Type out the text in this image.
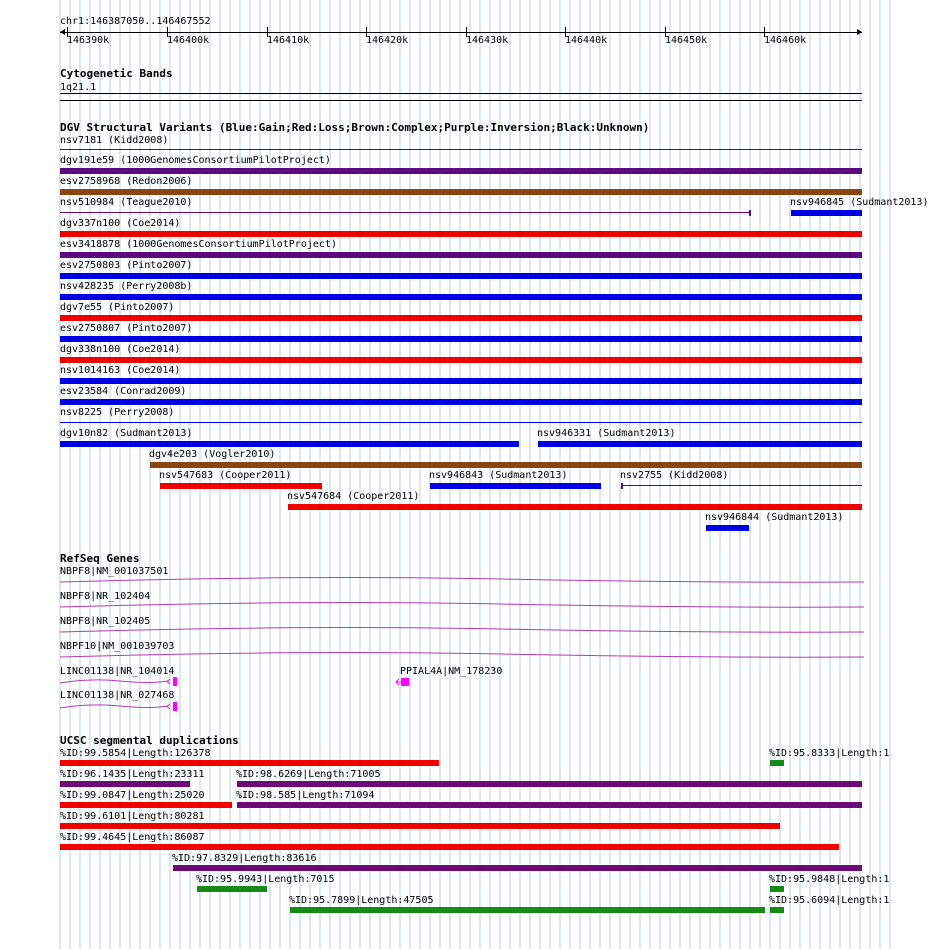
chr1:146387050..146467552
146390k	146400k	146410k	146420k	146430k	146440k	146450k	146460k
Cytogenetic Bands
1q21.1
DGV Structural Variants (Blue:Gain;Red:Loss;Brown:Complex;Purple:Inversion;Black:Unknown)
nsv7181 (Kidd2008)
dgv191e59 (1000GenomesConsortiumPilotProject)
esv2758968 (Redon2006)
nsv510984 (Teague2010)	nsv946845 (Sudmant2013)
dgv337n100 (Coe2014)
esv3418878 (1000GenomesConsortiumPilotProject)
esv2750803 (Pinto2007)
nsv428235 (Perry2008b)
dgv7e55 (Pinto2007)
esv2750807 (Pinto2007)
dgv338n100 (Coe2014)
nsv1014163 (Coe2014)
esv23584 (Conrad2009)
nsv8225 (Perry2008)
dgv10n82 (Sudmant2013)	nsv946331 (Sudmant2013)
dgv4e203 (Vogler2010)
nsv547683 (Cooper2011)	nsv946843 (Sudmant2013)	nsv2755 (Kidd2008)
nsv547684 (Cooper2011)
nsv946844 (Sudmant2013)
RefSeq Genes
NBPF8|NM_001037501
NBPF8|NR_102404
NBPF8|NR_102405
NBPF10|NM_001039703
LINC01138|NR_104014	PPIAL4A|NM_178230
LINC01138|NR_027468
UCSC segmental duplications
%ID:99.5854|Length:126378	%ID:95.8333|Length:1
%ID:96.1435|Length:23311	%ID:98.6269|Length:71005
%ID:99.0847|Length:25020	%ID:98.585|Length:71094
%ID:99.6101|Length:80281
%ID:99.4645|Length:86087
%ID:97.8329|Length:83616
%ID:95.9943|Length:7015	%ID:95.9848|Length:1
%ID:95.7899|Length:47505	%ID:95.6094|Length:1
